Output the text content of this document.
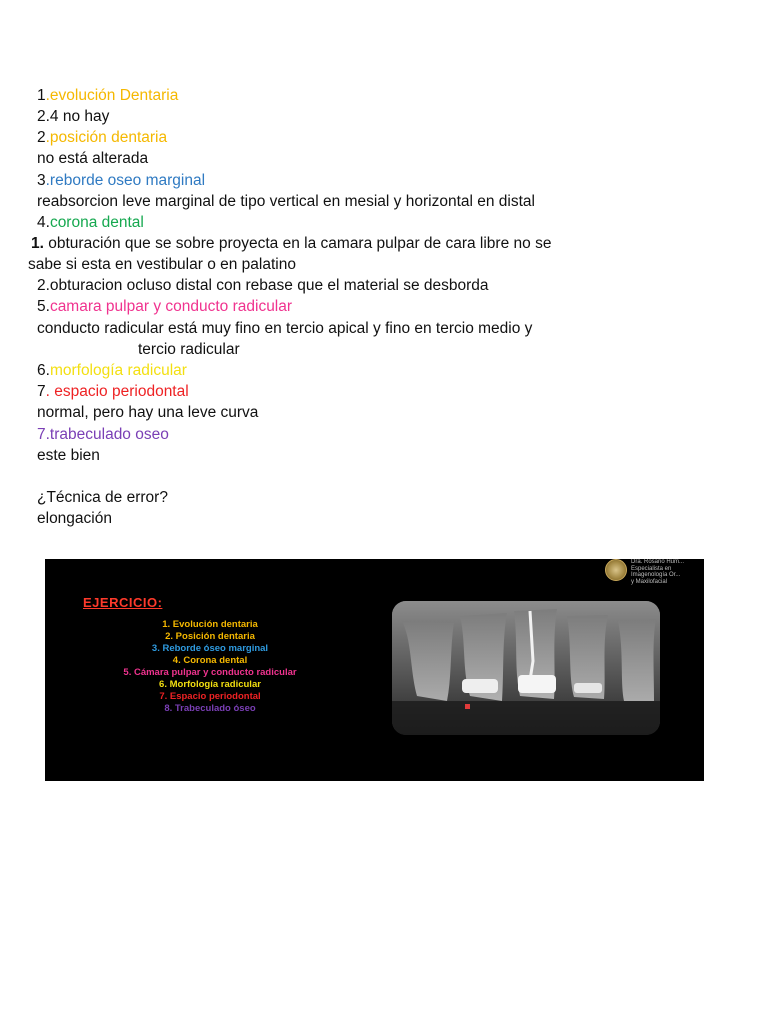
1.evolución Dentaria
2.4 no hay
2.posición dentaria
no está alterada
3.reborde oseo marginal
reabsorcion leve marginal de tipo vertical en mesial y horizontal en distal
4.corona dental
1. obturación que se sobre proyecta en la camara pulpar de cara libre no se
sabe si esta en vestibular o en palatino
2.obturacion ocluso distal con rebase que el material se desborda
5.camara pulpar y conducto radicular
conducto radicular está muy fino en tercio apical y fino en tercio medio y
tercio radicular
6.morfología radicular
7. espacio periodontal
normal, pero hay una leve curva
7.trabeculado oseo
este bien
¿Técnica de error?
elongación
Dra. Rosario Hum...
Especialista en
Imagenología Or...
y Maxilofacial
EJERCICIO:
1. Evolución dentaria
2. Posición dentaria
3. Reborde óseo marginal
4. Corona dental
5. Cámara pulpar y conducto radicular
6. Morfología radicular
7. Espacio periodontal
8. Trabeculado óseo
